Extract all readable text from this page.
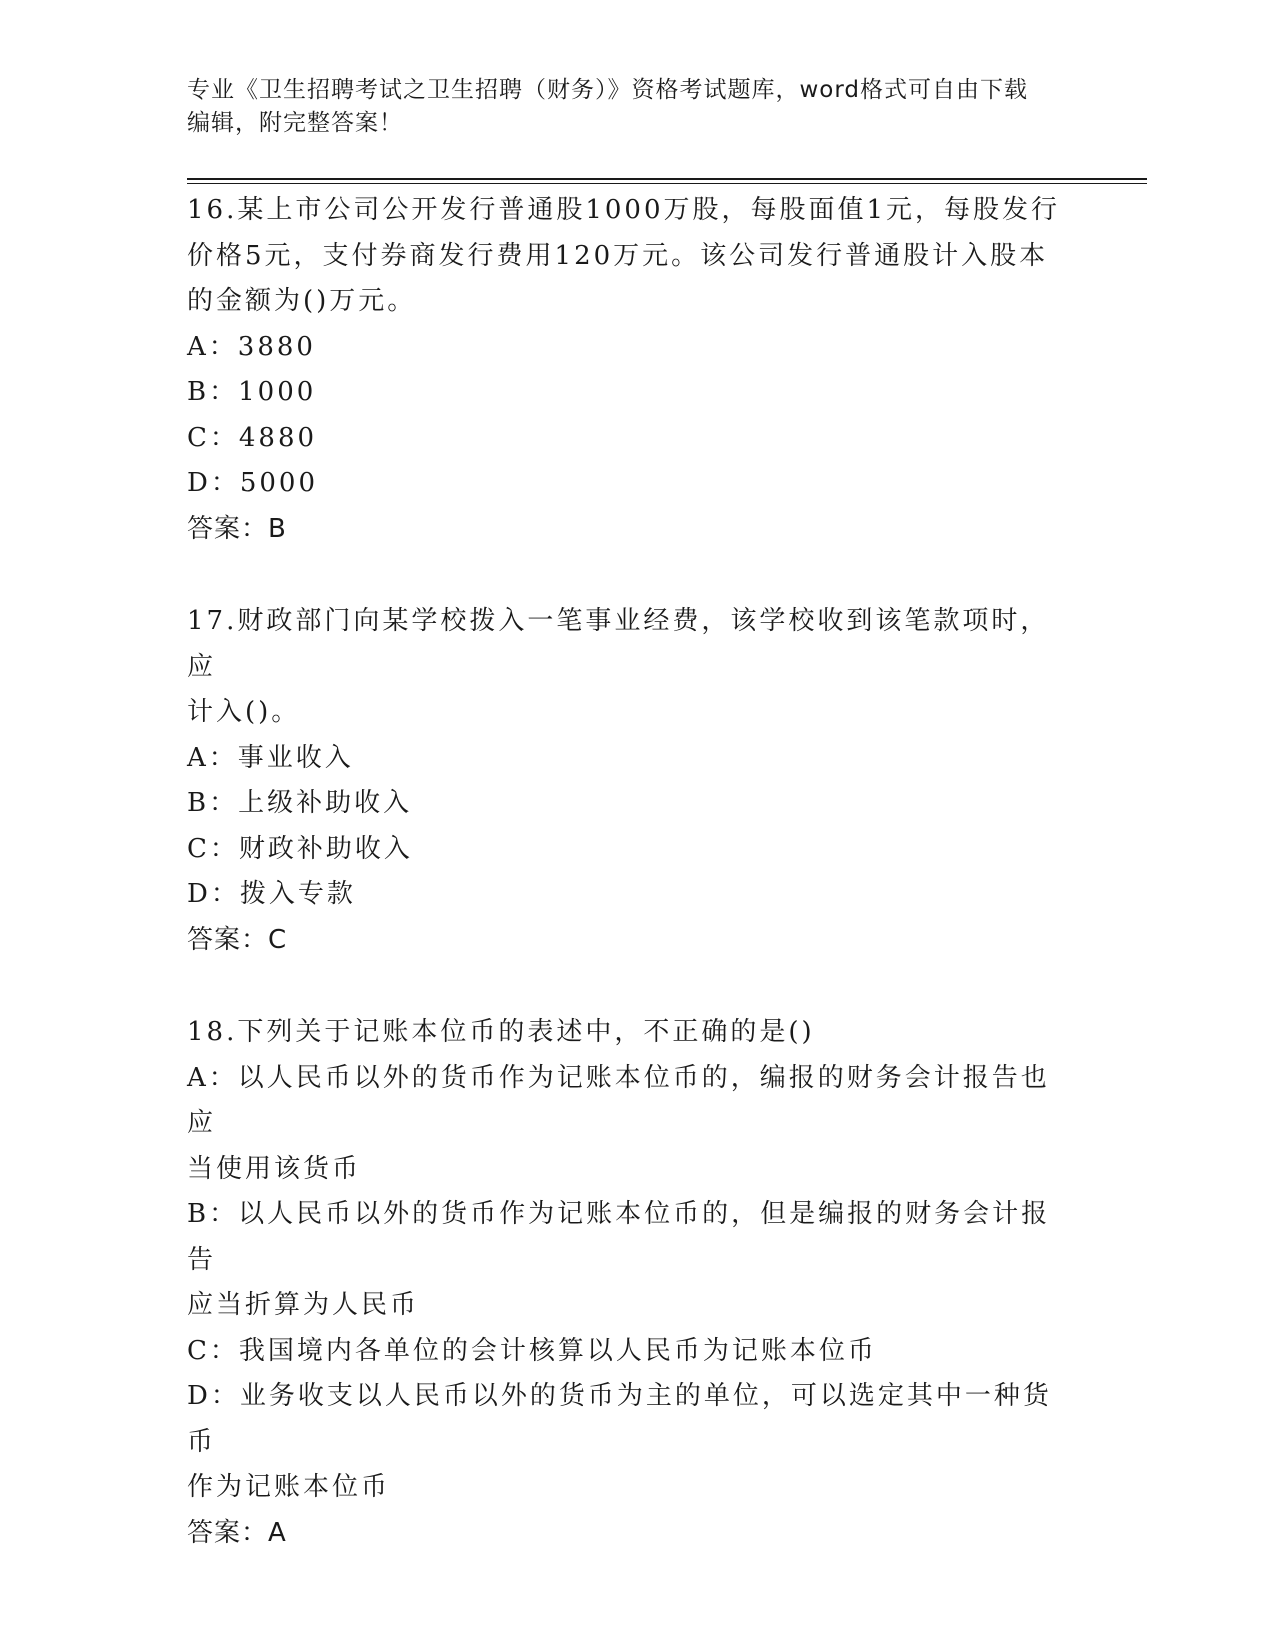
专业《卫生招聘考试之卫生招聘（财务）》资格考试题库，word格式可自由下载
编辑，附完整答案！
16.某上市公司公开发行普通股1000万股，每股面值1元，每股发行
价格5元，支付券商发行费用120万元。该公司发行普通股计入股本
的金额为()万元。
A：3880
B：1000
C：4880
D：5000
答案：B
17.财政部门向某学校拨入一笔事业经费，该学校收到该笔款项时，应
计入()。
A：事业收入
B：上级补助收入
C：财政补助收入
D：拨入专款
答案：C
18.下列关于记账本位币的表述中，不正确的是()
A：以人民币以外的货币作为记账本位币的，编报的财务会计报告也应
当使用该货币
B：以人民币以外的货币作为记账本位币的，但是编报的财务会计报告
应当折算为人民币
C：我国境内各单位的会计核算以人民币为记账本位币
D：业务收支以人民币以外的货币为主的单位，可以选定其中一种货币
作为记账本位币
答案：A
